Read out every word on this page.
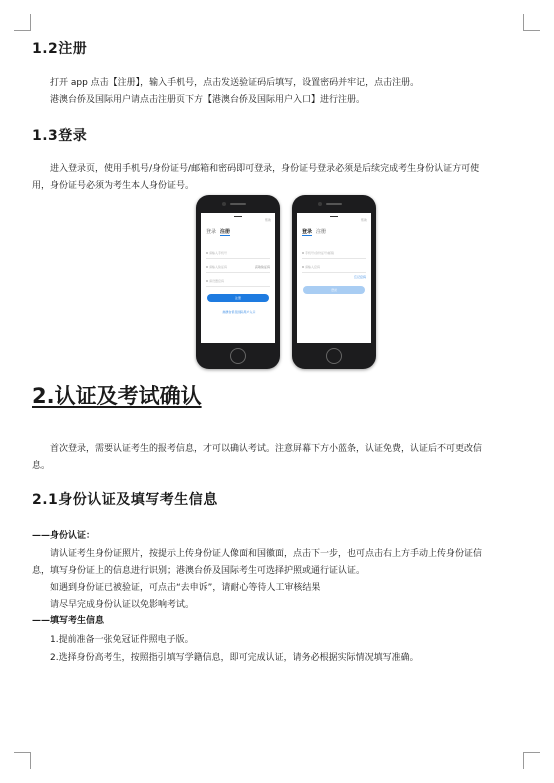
1.2注册
打开 app 点击【注册】，输入手机号，点击发送验证码后填写，设置密码并牢记，点击注册。
港澳台侨及国际用户请点击注册页下方【港澳台侨及国际用户入口】进行注册。
1.3登录
进入登录页，使用手机号/身份证号/邮箱和密码即可登录，身份证号登录必须是后续完成考生身份认证方可使
用，身份证号必须为考生本人身份证号。
帮助
登录 注册
请输入手机号
请输入验证码	获取验证码
请设置密码
注册
港澳台侨及国际用户入口
帮助
登录 注册
手机号/身份证号/邮箱
请输入密码
忘记密码
登录
2.认证及考试确认
首次登录，需要认证考生的报考信息，才可以确认考试。注意屏幕下方小蓝条，认证免费，认证后不可更改信
息。
2.1身份认证及填写考生信息
——身份认证：
请认证考生身份证照片，按提示上传身份证人像面和国徽面，点击下一步，也可点击右上方手动上传身份证信
息，填写身份证上的信息进行识别；港澳台侨及国际考生可选择护照或通行证认证。
如遇到身份证已被验证，可点击“去申诉”，请耐心等待人工审核结果
请尽早完成身份认证以免影响考试。
——填写考生信息
1.提前准备一张免冠证件照电子版。
2.选择身份高考生，按照指引填写学籍信息，即可完成认证，请务必根据实际情况填写准确。
